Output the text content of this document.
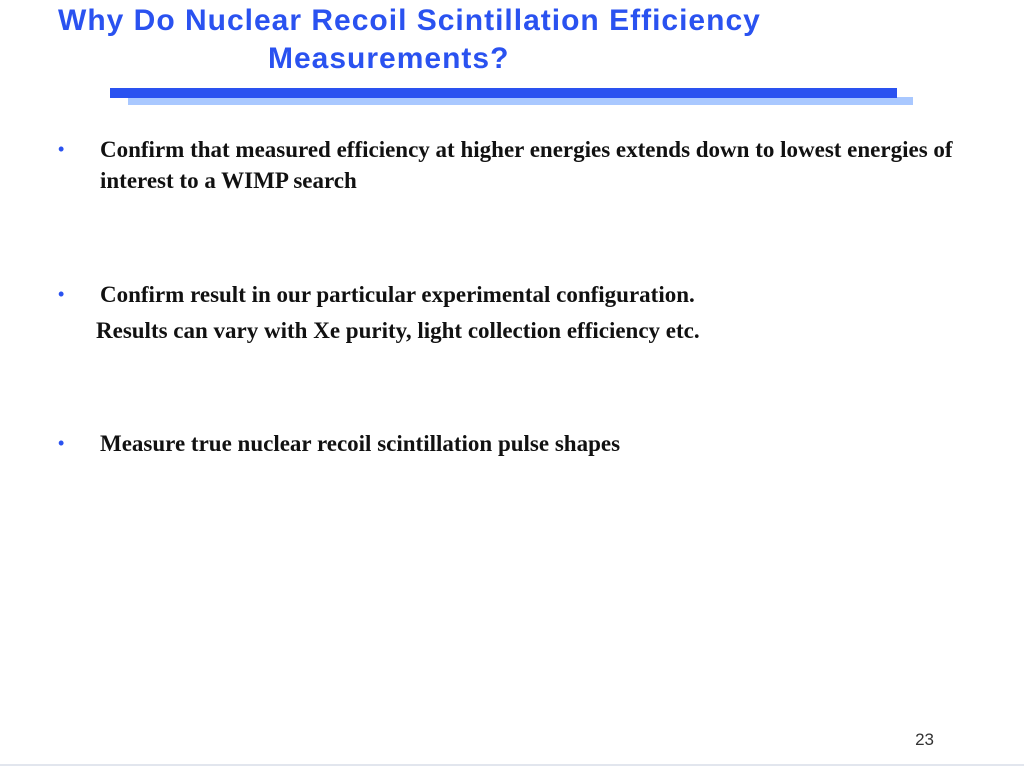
Why Do Nuclear Recoil Scintillation Efficiency
Measurements?
•	Confirm that measured efficiency at higher energies extends down to lowest energies of interest to a WIMP search
•	Confirm result in our particular experimental configuration.
Results can vary with Xe purity, light collection efficiency etc.
•	Measure true nuclear recoil scintillation pulse shapes
23
